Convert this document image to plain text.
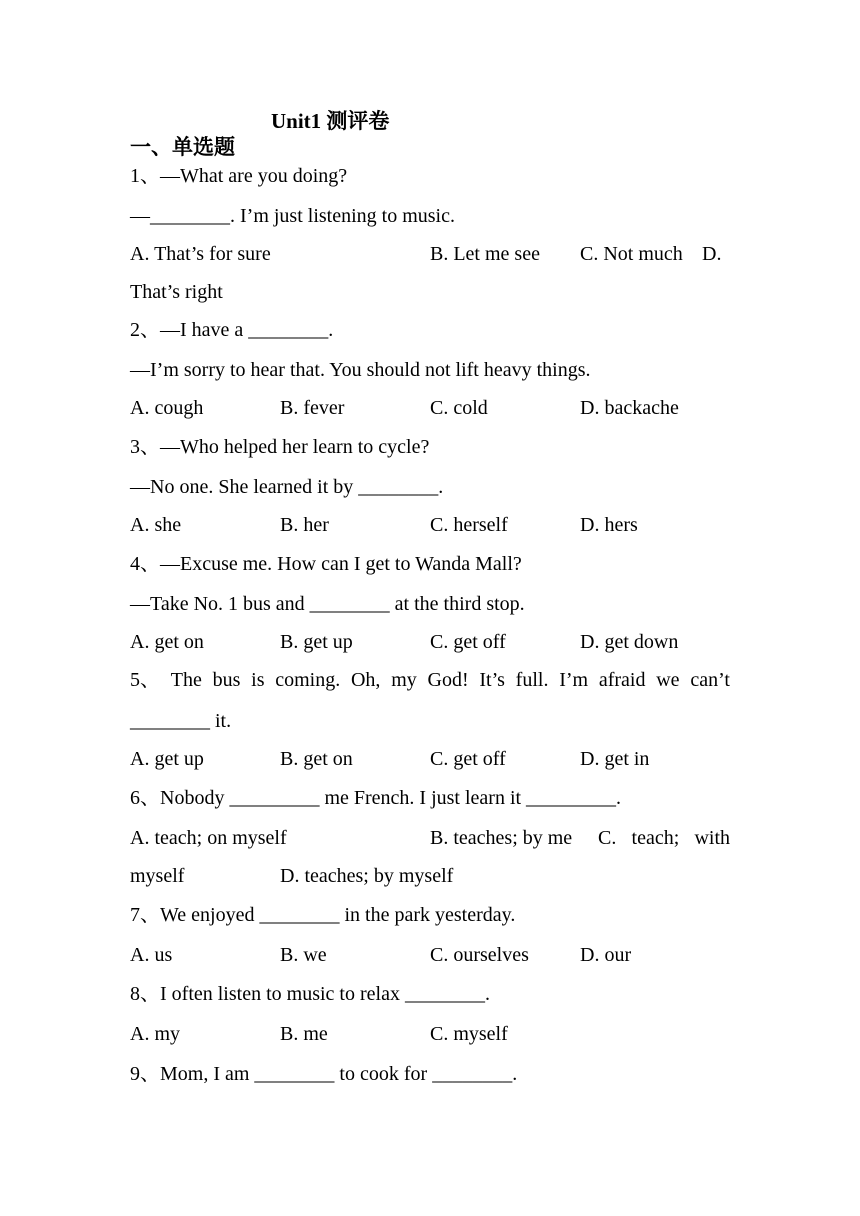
Unit1 测评卷
一、单选题
1、—What are you doing?
—________. I’m just listening to music.
A. That’s for sure	B. Let me see C. Not much D.
That’s right
2、—I have a ________.
—I’m sorry to hear that. You should not lift heavy things.
A. cough	B. fever	C. cold	D. backache
3、—Who helped her learn to cycle?
—No one. She learned it by ________.
A. she	B. her	C. herself	D. hers
4、—Excuse me. How can I get to Wanda Mall?
—Take No. 1 bus and ________ at the third stop.
A. get on	B. get up	C. get off	D. get down
5、 The bus is coming. Oh, my God! It’s full. I’m afraid we can’t
________ it.
A. get up	B. get on	C. get off	D. get in
6、Nobody _________ me French. I just learn it _________.
A. teach; on myself	B. teaches; by me C. teach; with
myself	D. teaches; by myself
7、We enjoyed ________ in the park yesterday.
A. us	B. we	C. ourselves	D. our
8、I often listen to music to relax ________.
A. my	B. me	C. myself
9、Mom, I am ________ to cook for ________.
